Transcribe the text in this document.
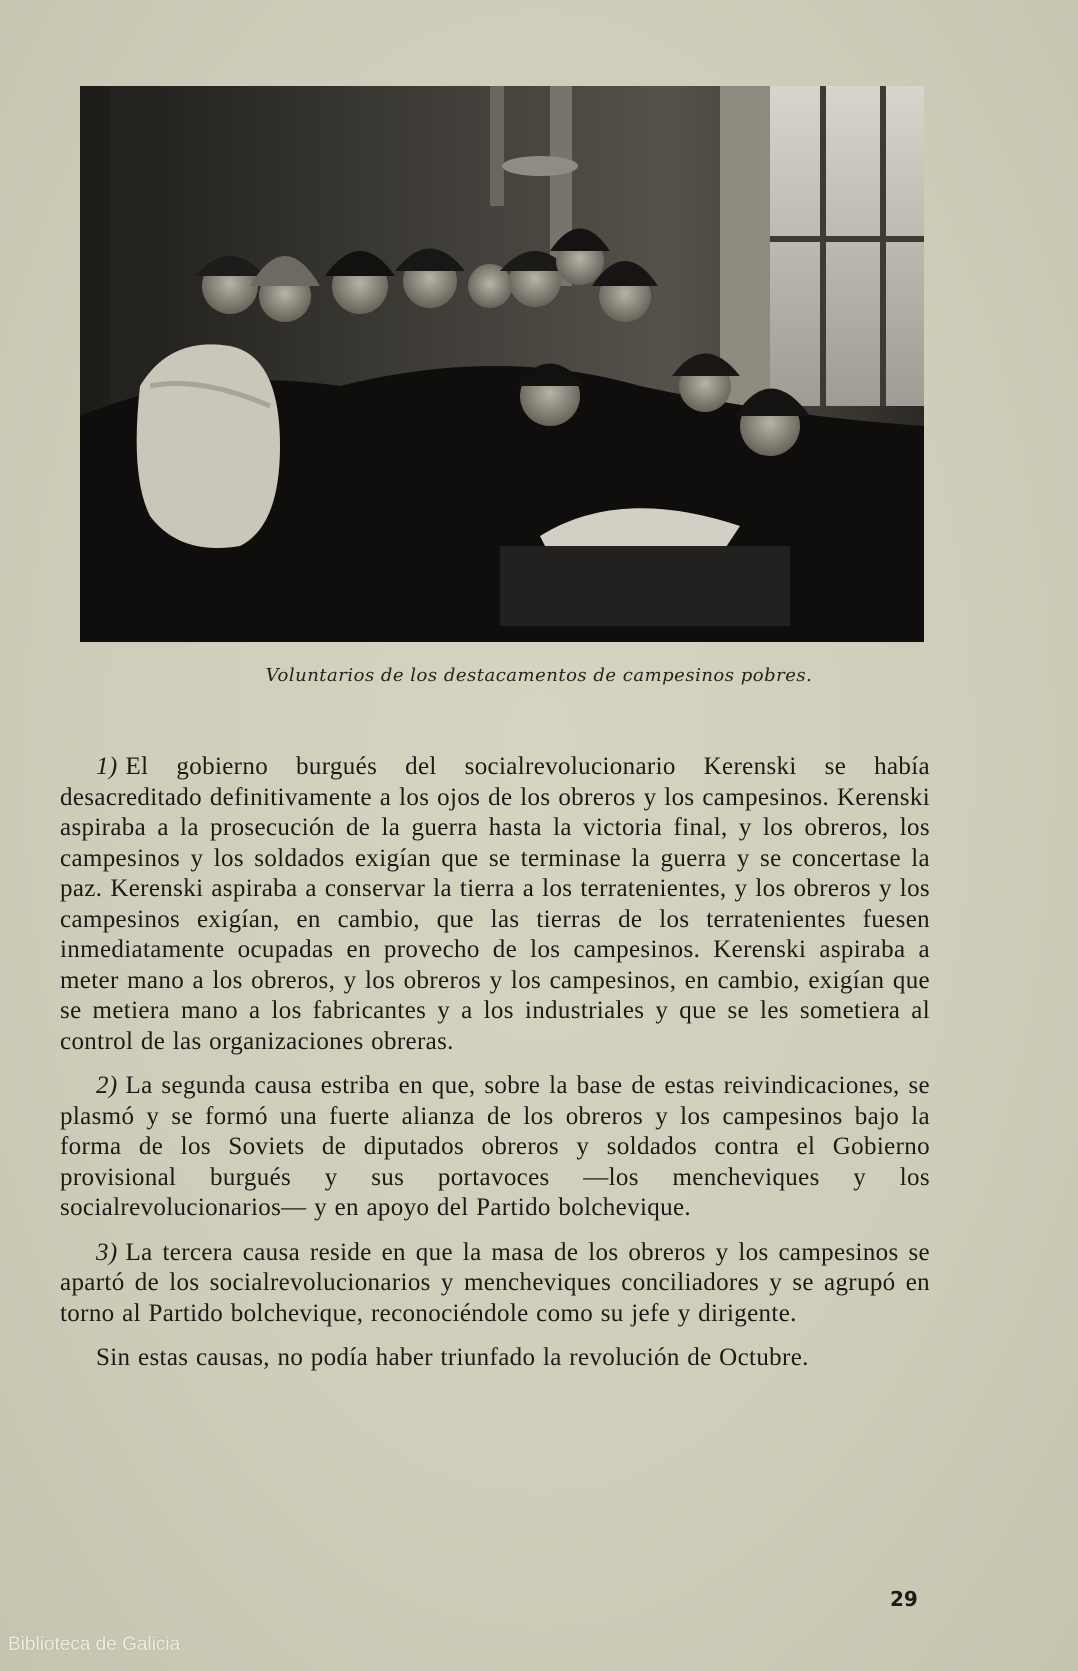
Voluntarios de los destacamentos de campesinos pobres.

1) El gobierno burgués del socialrevolucionario Kerenski se había desacreditado definitivamente a los ojos de los obreros y los campesinos. Kerenski aspiraba a la prosecución de la guerra hasta la victoria final, y los obreros, los campesinos y los soldados exigían que se terminase la guerra y se concertase la paz. Kerenski aspiraba a conservar la tierra a los terratenientes, y los obreros y los campesinos exigían, en cambio, que las tierras de los terratenientes fuesen inmediatamente ocupadas en provecho de los campesinos. Kerenski aspiraba a meter mano a los obreros, y los obreros y los campesinos, en cambio, exigían que se metiera mano a los fabricantes y a los industriales y que se les sometiera al control de las organizaciones obreras.

2) La segunda causa estriba en que, sobre la base de estas reivindicaciones, se plasmó y se formó una fuerte alianza de los obreros y los campesinos bajo la forma de los Soviets de diputados obreros y soldados contra el Gobierno provisional burgués y sus portavoces —los mencheviques y los socialrevolucionarios— y en apoyo del Partido bolchevique.

3) La tercera causa reside en que la masa de los obreros y los campesinos se apartó de los socialrevolucionarios y mencheviques conciliadores y se agrupó en torno al Partido bolchevique, reconociéndole como su jefe y dirigente.

Sin estas causas, no podía haber triunfado la revolución de Octubre.

29
Biblioteca de Galicia
